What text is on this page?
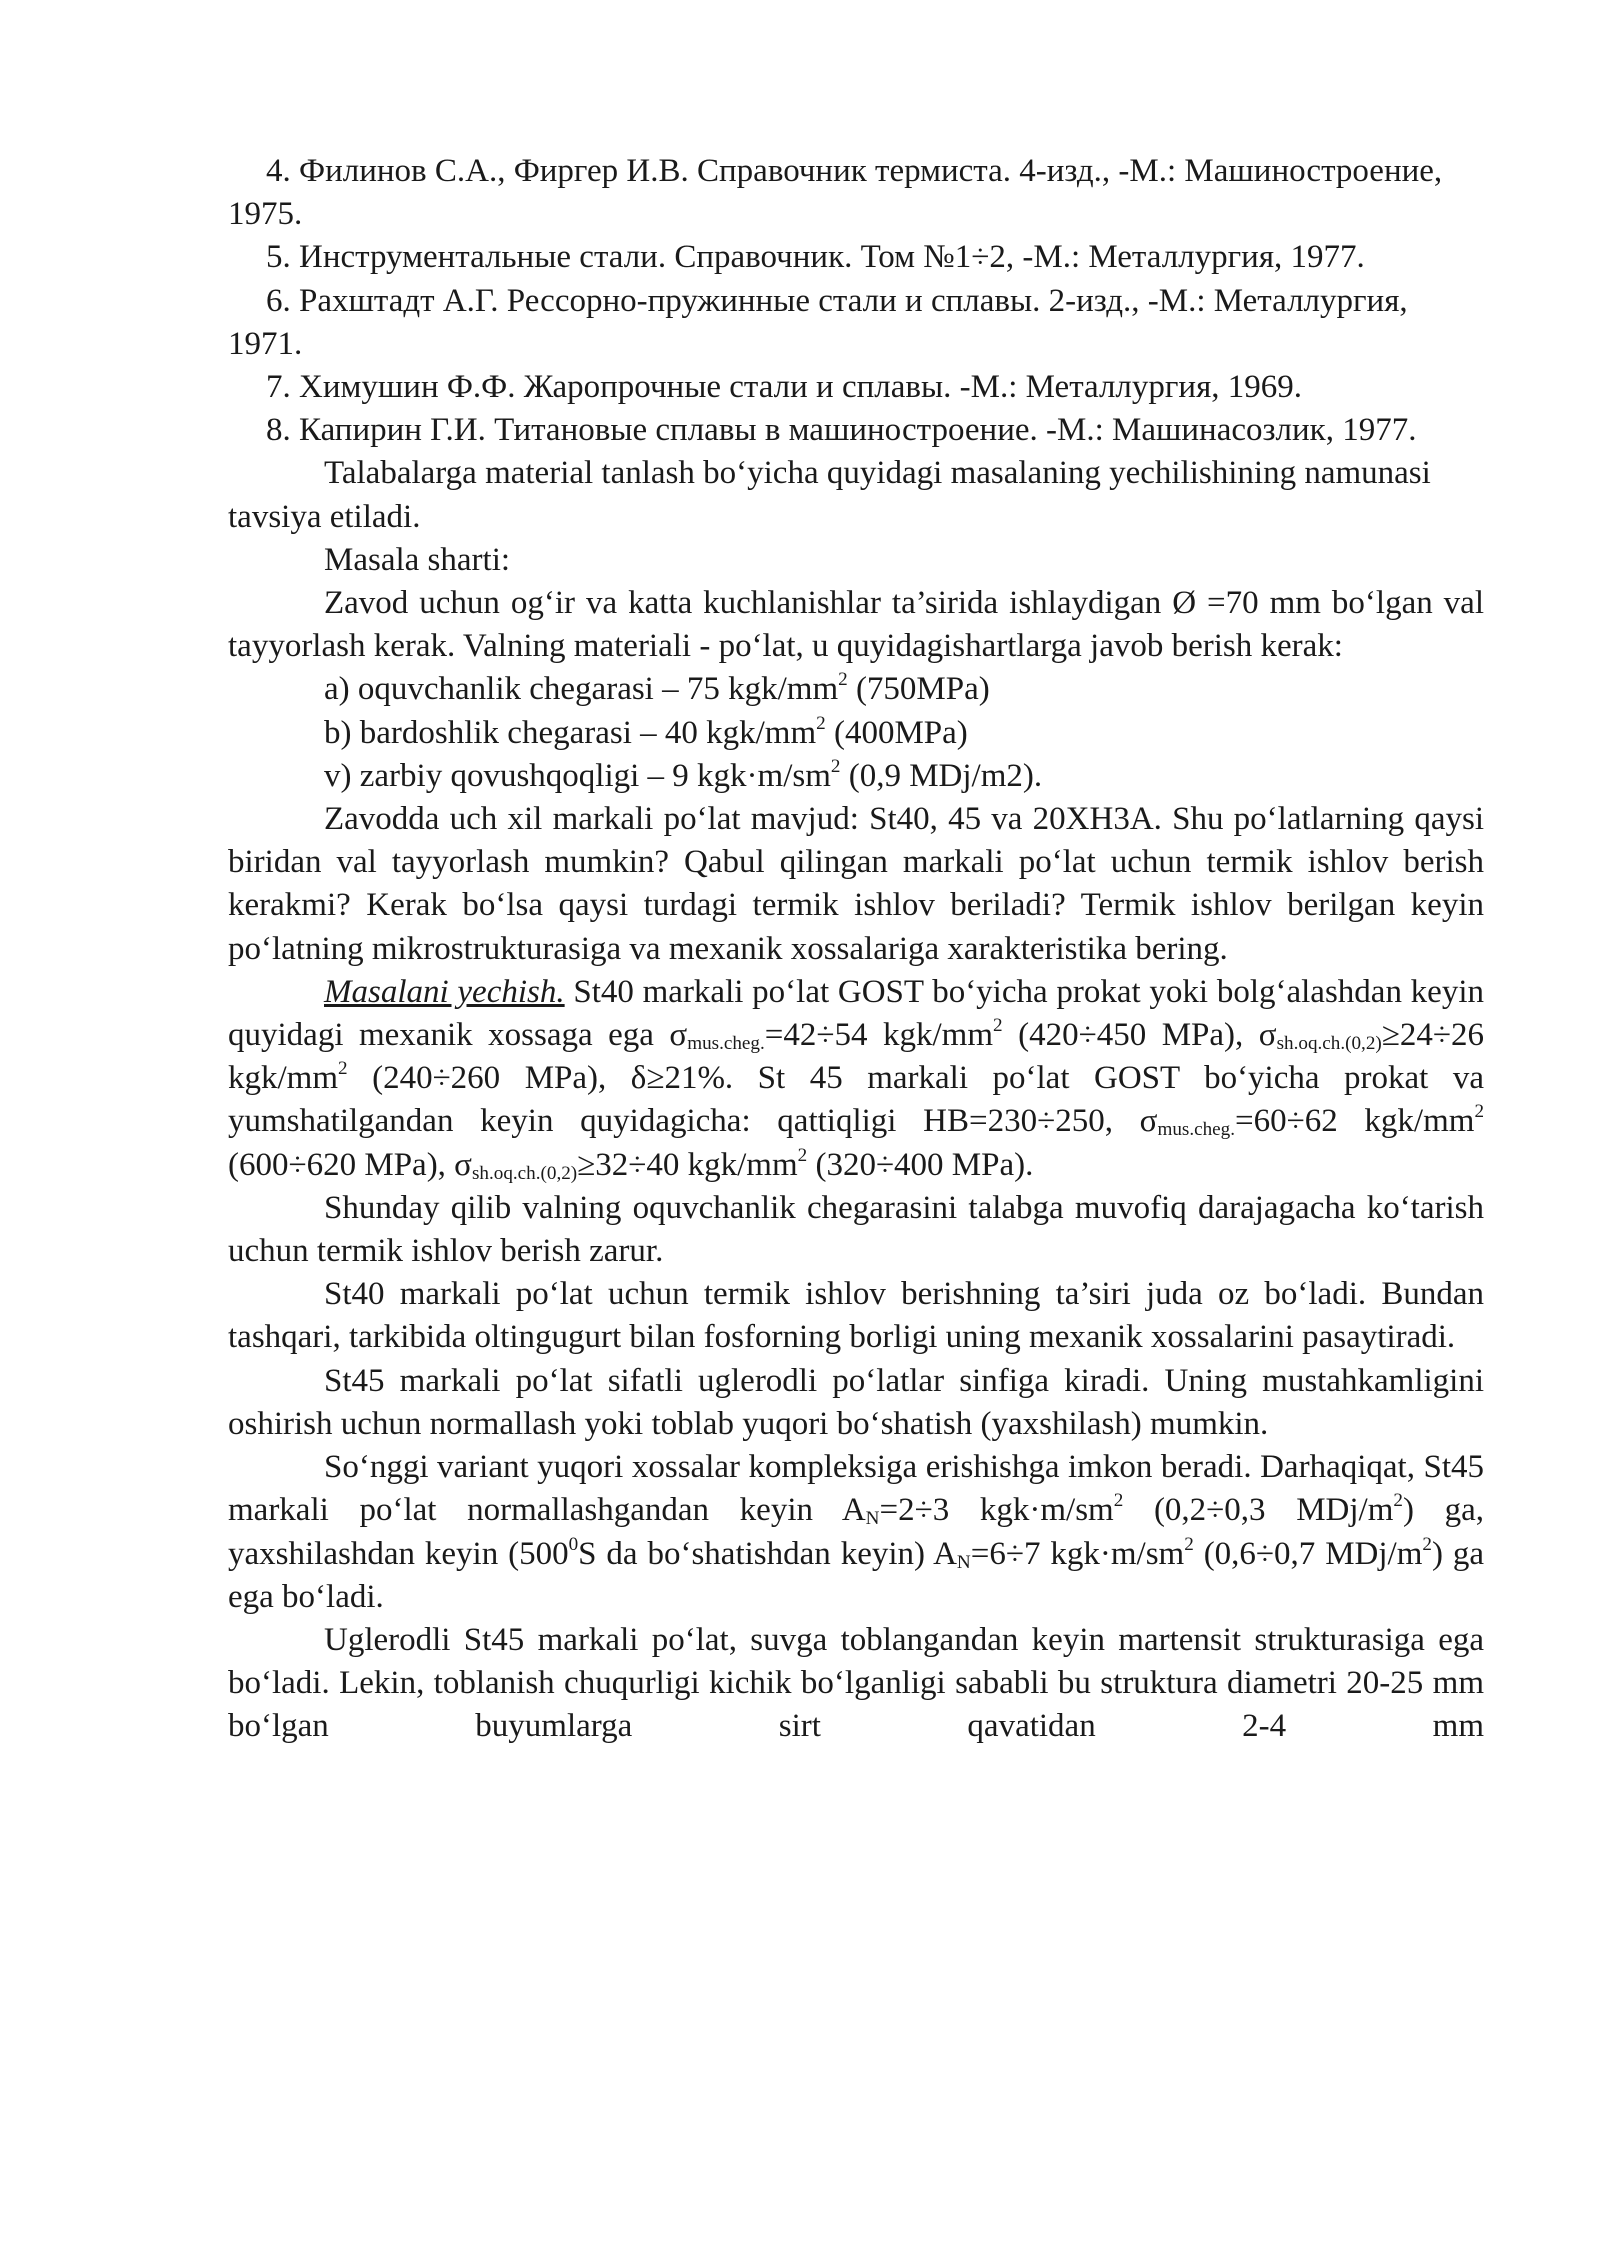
4. Филинов С.А., Фиргер И.В. Справочник термиста. 4-изд., -М.: Машиностроение, 1975.

5. Инструментальные стали. Справочник. Том №1÷2, -М.: Металлургия, 1977.

6. Рахштадт А.Г. Рессорно-пружинные стали и сплавы. 2-изд., -М.: Металлургия, 1971.

7. Химушин Ф.Ф. Жаропрочные стали и сплавы. -М.: Металлургия, 1969.

8. Капирин Г.И. Титановые сплавы в машиностроение. -М.: Машинасозлик, 1977.

Talabalarga material tanlash bo‘yicha quyidagi masalaning yechilishining namunasi tavsiya etiladi.

Masala sharti:

Zavod uchun og‘ir va katta kuchlanishlar ta’sirida ishlaydigan Ø =70 mm bo‘lgan val tayyorlash kerak. Valning materiali - po‘lat, u quyidagishartlarga javob berish kerak:

a) oquvchanlik chegarasi – 75 kgk/$mm^2$ (750MPa)

b) bardoshlik chegarasi – 40 kgk/$mm^2$ (400MPa)

v) zarbiy qovushqoqligi – 9 $kgk\cdot m/sm^2$ (0,9 MDj/m2).

Zavodda uch xil markali po‘lat mavjud: St40, 45 va 20XH3A. Shu po‘latlarning qaysi biridan val tayyorlash mumkin? Qabul qilingan markali po‘lat uchun termik ishlov berish kerakmi? Kerak bo‘lsa qaysi turdagi termik ishlov beriladi? Termik ishlov berilgan keyin po‘latning mikrostrukturasiga va mexanik xossalariga xarakteristika bering.

Masalani yechish. St40 markali po‘lat GOST bo‘yicha prokat yoki bolg‘alashdan keyin quyidagi mexanik xossaga ega $\sigma_{mus.cheg.}=42\div 54$ kgk/$mm^2$ (420÷450 MPa), $\sigma_{sh.oq.ch.(0,2)}\ge 24\div 26$ kgk/$mm^2$ (240÷260 MPa), δ≥21%. St 45 markali po‘lat GOST bo‘yicha prokat va yumshatilgandan keyin quyidagicha: qattiqligi HB=230÷250, $\sigma_{mus.cheg.}=60\div 62$ kgk/$mm^2$ (600÷620 MPa), $\sigma_{sh.oq.ch.(0,2)}\ge 32\div 40$ kgk/$mm^2$ (320÷400 MPa).

Shunday qilib valning oquvchanlik chegarasini talabga muvofiq darajagacha ko‘tarish uchun termik ishlov berish zarur.

St40 markali po‘lat uchun termik ishlov berishning ta’siri juda oz bo‘ladi. Bundan tashqari, tarkibida oltingugurt bilan fosforning borligi uning mexanik xossalarini pasaytiradi.

St45 markali po‘lat sifatli uglerodli po‘latlar sinfiga kiradi. Uning mustahkamligini oshirish uchun normallash yoki toblab yuqori bo‘shatish (yaxshilash) mumkin.

So‘nggi variant yuqori xossalar kompleksiga erishishga imkon beradi. Darhaqiqat, St45 markali po‘lat normallashgandan keyin $A_N=2\div 3$ $kgk\cdot m/sm^2$ (0,2÷0,3 MDj/$m^2$) ga, yaxshilashdan keyin ($500^0S$ da bo‘shatishdan keyin) $A_N=6\div 7$ $kgk\cdot m/sm^2$ (0,6÷0,7 MDj/$m^2$) ga ega bo‘ladi.

Uglerodli St45 markali po‘lat, suvga toblangandan keyin martensit strukturasiga ega bo‘ladi. Lekin, toblanish chuqurligi kichik bo‘lganligi sababli bu struktura diametri 20-25 mm bo‘lgan buyumlarga sirt qavatidan 2-4 mm
